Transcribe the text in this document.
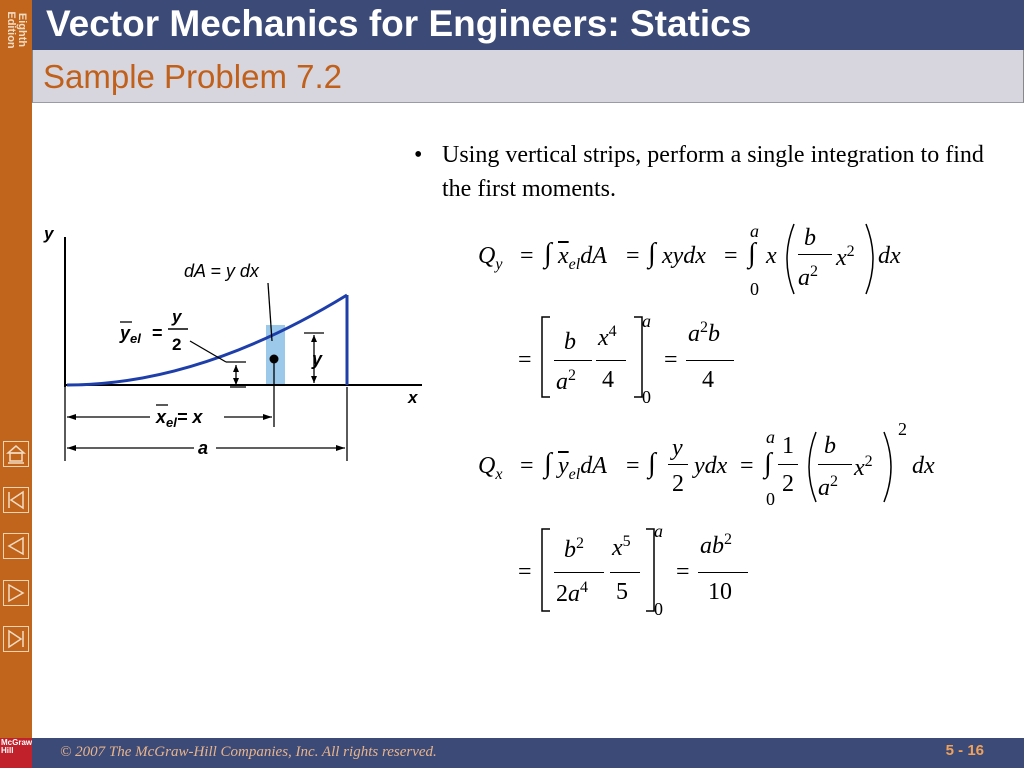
Eighth
Edition Vector Mechanics for Engineers: Statics
Sample Problem 7.2
• Using vertical strips, perform a single integration to find the first moments.
y
x
dA = y dx
$y_{el}$ =
y
2
y
$x_{el}= x$
a
$Q_y$ = ∫ $\overline{x}_{el}dA$ = ∫ xydx =
a
∫
0
x
b
$a^2$
$x^2$ dx
=
b
$a^2$
$x^4$
4
a
0
=
$a^2b$
4
$Q_x$ = ∫ $\overline{y}_{el}dA$ = ∫ y
2
ydx =
a
∫
0
1
2
b
$a^2$
$x^2$
2
dx
=
$b^2$
$2a^4$
$x^5$
5
a
0
=
$ab^2$
10
McGraw Hill	© 2007 The McGraw-Hill Companies, Inc. All rights reserved.	5 - 16
